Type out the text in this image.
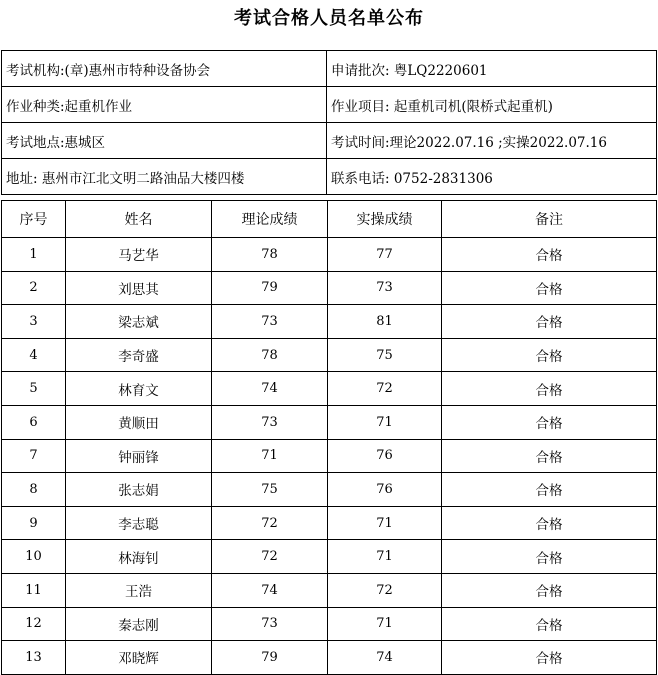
考试合格人员名单公布
考试机构:(章)惠州市特种设备协会	申请批次: 粤LQ2220601
作业种类:起重机作业	作业项目: 起重机司机(限桥式起重机)
考试地点:惠城区	考试时间:理论2022.07.16 ;实操2022.07.16
地址: 惠州市江北文明二路油品大楼四楼	联系电话: 0752-2831306
序号	姓名	理论成绩	实操成绩	备注
1	马艺华	78	77	合格
2	刘思其	79	73	合格
3	梁志斌	73	81	合格
4	李奇盛	78	75	合格
5	林育文	74	72	合格
6	黄顺田	73	71	合格
7	钟丽锋	71	76	合格
8	张志娟	75	76	合格
9	李志聪	72	71	合格
10	林海钊	72	71	合格
11	王浩	74	72	合格
12	秦志刚	73	71	合格
13	邓晓辉	79	74	合格
